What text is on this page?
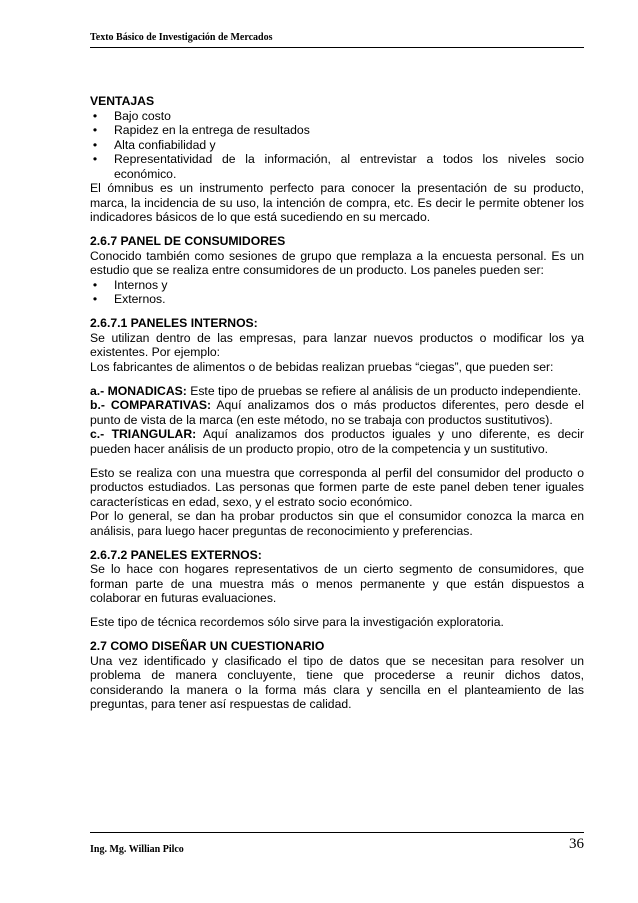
Texto Básico de Investigación de Mercados
VENTAJAS
• Bajo costo
• Rapidez en la entrega de resultados
• Alta confiabilidad y
• Representatividad de la información, al entrevistar a todos los niveles socio económico.

El ómnibus es un instrumento perfecto para conocer la presentación de su producto, marca, la incidencia de su uso, la intención de compra, etc. Es decir le permite obtener los indicadores básicos de lo que está sucediendo en su mercado.

2.6.7 PANEL DE CONSUMIDORES

Conocido también como sesiones de grupo que remplaza a la encuesta personal. Es un estudio que se realiza entre consumidores de un producto. Los paneles pueden ser:

• Internos y
• Externos.
2.6.7.1 PANELES INTERNOS:

Se utilizan dentro de las empresas, para lanzar nuevos productos o modificar los ya existentes. Por ejemplo:

Los fabricantes de alimentos o de bebidas realizan pruebas “ciegas”, que pueden ser:

a.- MONADICAS: Este tipo de pruebas se refiere al análisis de un producto independiente.

b.- COMPARATIVAS: Aquí analizamos dos o más productos diferentes, pero desde el punto de vista de la marca (en este método, no se trabaja con productos sustitutivos).

c.- TRIANGULAR: Aquí analizamos dos productos iguales y uno diferente, es decir pueden hacer análisis de un producto propio, otro de la competencia y un sustitutivo.

Esto se realiza con una muestra que corresponda al perfil del consumidor del producto o productos estudiados. Las personas que formen parte de este panel deben tener iguales características en edad, sexo, y el estrato socio económico.

Por lo general, se dan ha probar productos sin que el consumidor conozca la marca en análisis, para luego hacer preguntas de reconocimiento y preferencias.

2.6.7.2 PANELES EXTERNOS:

Se lo hace con hogares representativos de un cierto segmento de consumidores, que forman parte de una muestra más o menos permanente y que están dispuestos a colaborar en futuras evaluaciones.

Este tipo de técnica recordemos sólo sirve para la investigación exploratoria.

2.7 COMO DISEÑAR UN CUESTIONARIO

Una vez identificado y clasificado el tipo de datos que se necesitan para resolver un problema de manera concluyente, tiene que procederse a reunir dichos datos, considerando la manera o la forma más clara y sencilla en el planteamiento de las preguntas, para tener así respuestas de calidad.

Ing. Mg. Willian Pilco	36
